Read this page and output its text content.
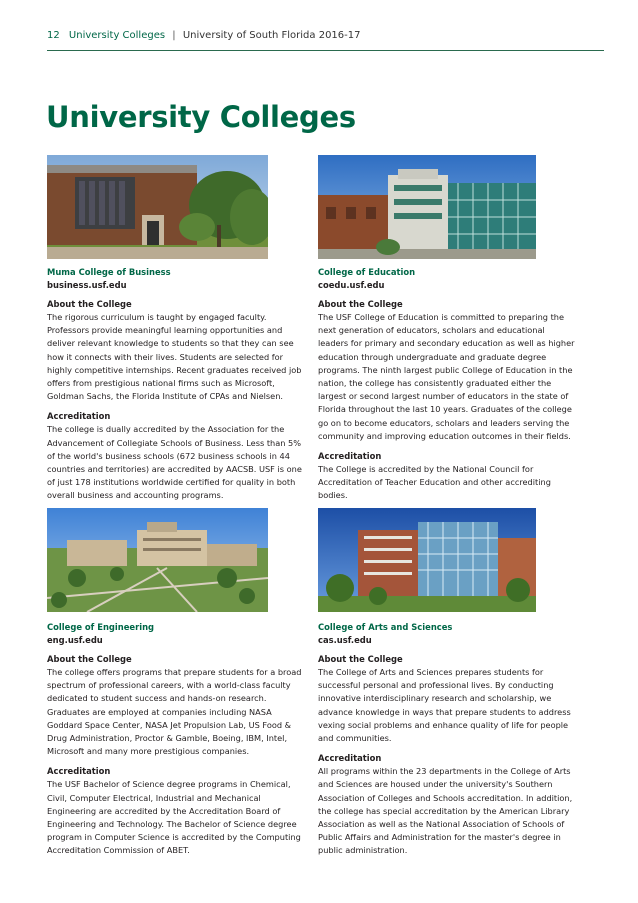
12 University Colleges | University of South Florida 2016-17
University Colleges
Muma College of Business
business.usf.edu
About the College

The rigorous curriculum is taught by engaged faculty. Professors provide meaningful learning opportunities and deliver relevant knowledge to students so that they can see how it connects with their lives. Students are selected for highly competitive internships. Recent graduates received job offers from prestigious national firms such as Microsoft, Goldman Sachs, the Florida Institute of CPAs and Nielsen.

Accreditation

The college is dually accredited by the Association for the Advancement of Collegiate Schools of Business. Less than 5% of the world's business schools (672 business schools in 44 countries and territories) are accredited by AACSB. USF is one of just 178 institutions worldwide certified for quality in both overall business and accounting programs.

College of Education
coedu.usf.edu
About the College

The USF College of Education is committed to preparing the next generation of educators, scholars and educational leaders for primary and secondary education as well as higher education through undergraduate and graduate degree programs. The ninth largest public College of Education in the nation, the college has consistently graduated either the largest or second largest number of educators in the state of Florida throughout the last 10 years. Graduates of the college go on to become educators, scholars and leaders serving the community and improving education outcomes in their fields.

Accreditation

The College is accredited by the National Council for Accreditation of Teacher Education and other accrediting bodies.

College of Engineering
eng.usf.edu
About the College

The college offers programs that prepare students for a broad spectrum of professional careers, with a world-class faculty dedicated to student success and hands-on research. Graduates are employed at companies including NASA Goddard Space Center, NASA Jet Propulsion Lab, US Food & Drug Administration, Proctor & Gamble, Boeing, IBM, Intel, Microsoft and many more prestigious companies.

Accreditation

The USF Bachelor of Science degree programs in Chemical, Civil, Computer Electrical, Industrial and Mechanical Engineering are accredited by the Accreditation Board of Engineering and Technology. The Bachelor of Science degree program in Computer Science is accredited by the Computing Accreditation Commission of ABET.

College of Arts and Sciences
cas.usf.edu
About the College

The College of Arts and Sciences prepares students for successful personal and professional lives. By conducting innovative interdisciplinary research and scholarship, we advance knowledge in ways that prepare students to address vexing social problems and enhance quality of life for people and communities.

Accreditation

All programs within the 23 departments in the College of Arts and Sciences are housed under the university's Southern Association of Colleges and Schools accreditation. In addition, the college has special accreditation by the American Library Association as well as the National Association of Schools of Public Affairs and Administration for the master's degree in public administration.
